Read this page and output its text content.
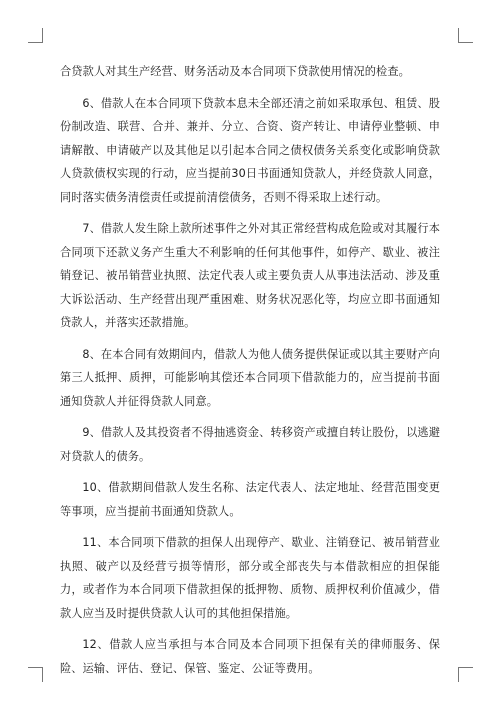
合贷款人对其生产经营、财务活动及本合同项下贷款使用情况的检查。

6、借款人在本合同项下贷款本息未全部还清之前如采取承包、租赁、股份制改造、联营、合并、兼并、分立、合资、资产转让、申请停业整顿、申请解散、申请破产以及其他足以引起本合同之债权债务关系变化或影响贷款人贷款债权实现的行动，应当提前30日书面通知贷款人，并经贷款人同意，同时落实债务清偿责任或提前清偿债务，否则不得采取上述行动。

7、借款人发生除上款所述事件之外对其正常经营构成危险或对其履行本合同项下还款义务产生重大不利影响的任何其他事件，如停产、歇业、被注销登记、被吊销营业执照、法定代表人或主要负责人从事违法活动、涉及重大诉讼活动、生产经营出现严重困难、财务状况恶化等，均应立即书面通知贷款人，并落实还款措施。

8、在本合同有效期间内，借款人为他人债务提供保证或以其主要财产向第三人抵押、质押，可能影响其偿还本合同项下借款能力的，应当提前书面通知贷款人并征得贷款人同意。

9、借款人及其投资者不得抽逃资金、转移资产或擅自转让股份，以逃避对贷款人的债务。

10、借款期间借款人发生名称、法定代表人、法定地址、经营范围变更等事项，应当提前书面通知贷款人。

11、本合同项下借款的担保人出现停产、歇业、注销登记、被吊销营业执照、破产以及经营亏损等情形，部分或全部丧失与本借款相应的担保能力，或者作为本合同项下借款担保的抵押物、质物、质押权利价值减少，借款人应当及时提供贷款人认可的其他担保措施。

12、借款人应当承担与本合同及本合同项下担保有关的律师服务、保险、运输、评估、登记、保管、鉴定、公证等费用。
